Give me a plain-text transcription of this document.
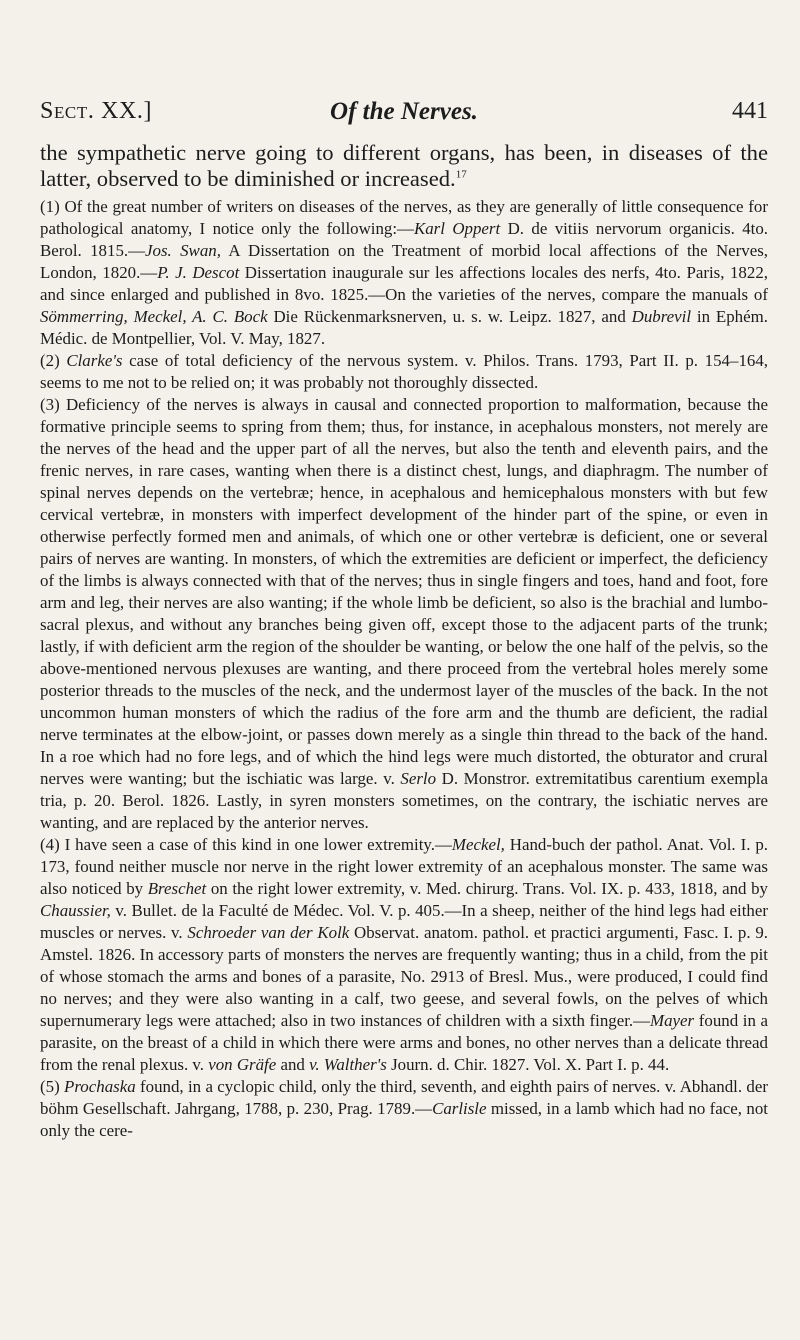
Sect. XX.]	Of the Nerves.	441

the sympathetic nerve going to different organs, has been, in diseases of the latter, observed to be diminished or increased.$^{17}$

(1) Of the great number of writers on diseases of the nerves, as they are generally of little consequence for pathological anatomy, I notice only the following:—Karl Oppert D. de vitiis nervorum organicis. 4to. Berol. 1815.—Jos. Swan, A Dissertation on the Treatment of morbid local affections of the Nerves, London, 1820.—P. J. Descot Dissertation inaugurale sur les affections locales des nerfs, 4to. Paris, 1822, and since enlarged and published in 8vo. 1825.—On the varieties of the nerves, compare the manuals of Sömmerring, Meckel, A. C. Bock Die Rückenmarksnerven, u. s. w. Leipz. 1827, and Dubrevil in Ephém. Médic. de Montpellier, Vol. V. May, 1827.

(2) Clarke's case of total deficiency of the nervous system. v. Philos. Trans. 1793, Part II. p. 154–164, seems to me not to be relied on; it was probably not thoroughly dissected.

(3) Deficiency of the nerves is always in causal and connected proportion to malformation, because the formative principle seems to spring from them; thus, for instance, in acephalous monsters, not merely are the nerves of the head and the upper part of all the nerves, but also the tenth and eleventh pairs, and the frenic nerves, in rare cases, wanting when there is a distinct chest, lungs, and diaphragm. The number of spinal nerves depends on the vertebræ; hence, in acephalous and hemicephalous monsters with but few cervical vertebræ, in monsters with imperfect development of the hinder part of the spine, or even in otherwise perfectly formed men and animals, of which one or other vertebræ is deficient, one or several pairs of nerves are wanting. In monsters, of which the extremities are deficient or imperfect, the deficiency of the limbs is always connected with that of the nerves; thus in single fingers and toes, hand and foot, fore arm and leg, their nerves are also wanting; if the whole limb be deficient, so also is the brachial and lumbo-sacral plexus, and without any branches being given off, except those to the adjacent parts of the trunk; lastly, if with deficient arm the region of the shoulder be wanting, or below the one half of the pelvis, so the above-mentioned nervous plexuses are wanting, and there proceed from the vertebral holes merely some posterior threads to the muscles of the neck, and the undermost layer of the muscles of the back. In the not uncommon human monsters of which the radius of the fore arm and the thumb are deficient, the radial nerve terminates at the elbow-joint, or passes down merely as a single thin thread to the back of the hand. In a roe which had no fore legs, and of which the hind legs were much distorted, the obturator and crural nerves were wanting; but the ischiatic was large. v. Serlo D. Monstror. extremitatibus carentium exempla tria, p. 20. Berol. 1826. Lastly, in syren monsters sometimes, on the contrary, the ischiatic nerves are wanting, and are replaced by the anterior nerves.

(4) I have seen a case of this kind in one lower extremity.—Meckel, Hand-buch der pathol. Anat. Vol. I. p. 173, found neither muscle nor nerve in the right lower extremity of an acephalous monster. The same was also noticed by Breschet on the right lower extremity, v. Med. chirurg. Trans. Vol. IX. p. 433, 1818, and by Chaussier, v. Bullet. de la Faculté de Médec. Vol. V. p. 405.—In a sheep, neither of the hind legs had either muscles or nerves. v. Schroeder van der Kolk Observat. anatom. pathol. et practici argumenti, Fasc. I. p. 9. Amstel. 1826. In accessory parts of monsters the nerves are frequently wanting; thus in a child, from the pit of whose stomach the arms and bones of a parasite, No. 2913 of Bresl. Mus., were produced, I could find no nerves; and they were also wanting in a calf, two geese, and several fowls, on the pelves of which supernumerary legs were attached; also in two instances of children with a sixth finger.—Mayer found in a parasite, on the breast of a child in which there were arms and bones, no other nerves than a delicate thread from the renal plexus. v. von Gräfe and v. Walther's Journ. d. Chir. 1827. Vol. X. Part I. p. 44.

(5) Prochaska found, in a cyclopic child, only the third, seventh, and eighth pairs of nerves. v. Abhandl. der böhm Gesellschaft. Jahrgang, 1788, p. 230, Prag. 1789.—Carlisle missed, in a lamb which had no face, not only the cere-
